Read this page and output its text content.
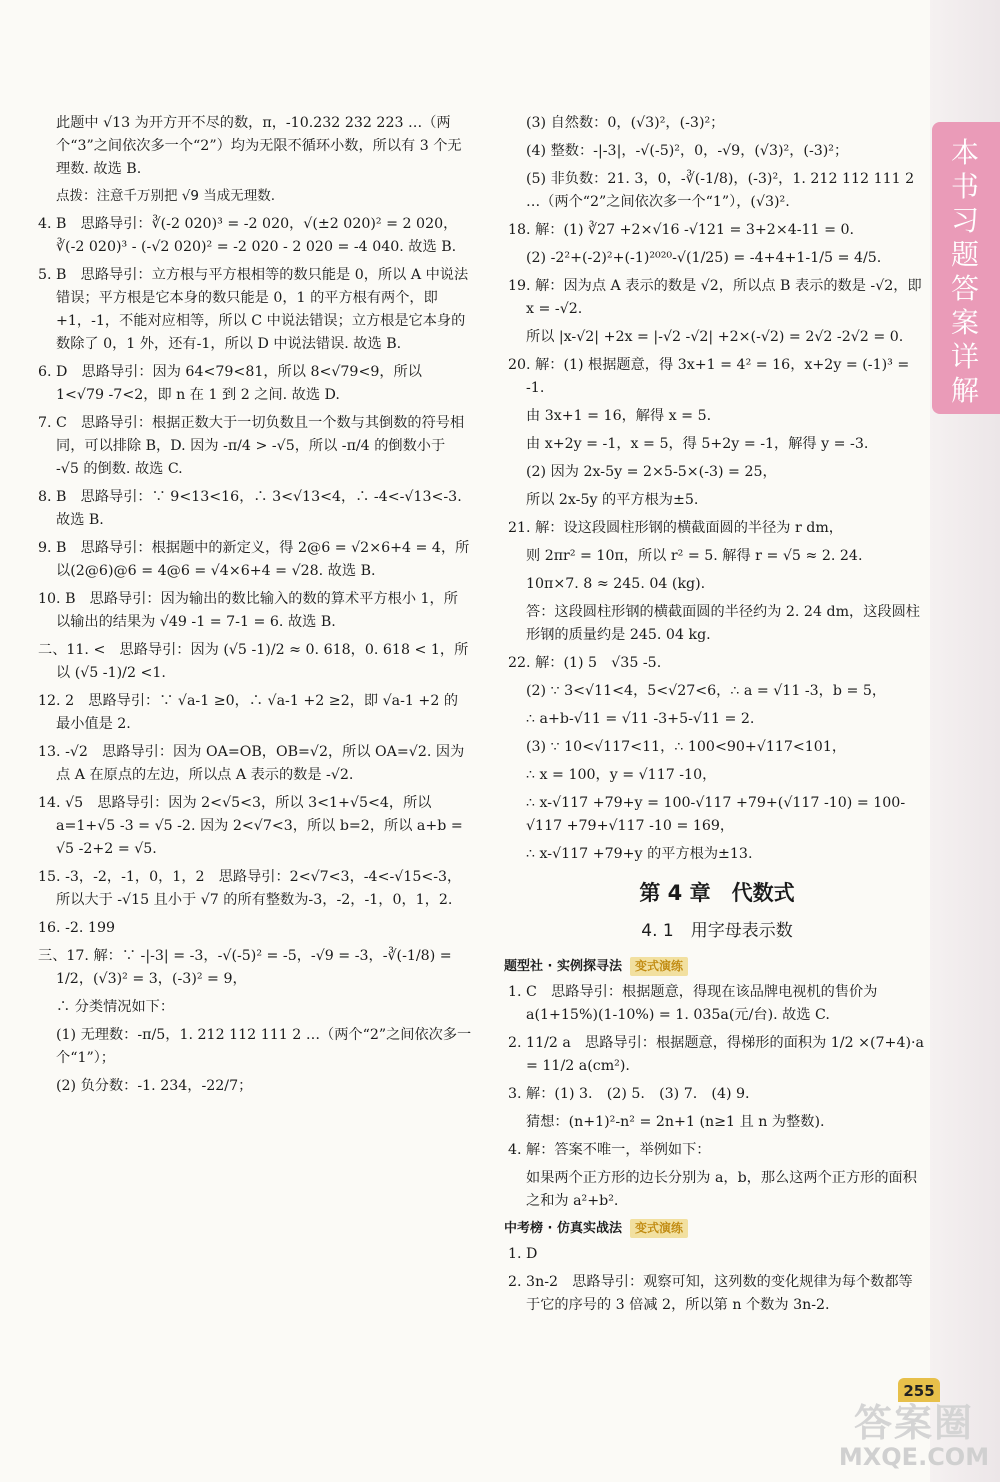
本书习题答案详解

此题中 √13 为开方开不尽的数，π，-10.232 232 223 …（两个“3”之间依次多一个“2”）均为无限不循环小数，所以有 3 个无理数. 故选 B.

点拨：注意千万别把 √9 当成无理数.

4. B　思路导引：∛(-2 020)³ = -2 020，√(±2 020)² = 2 020，∛(-2 020)³ - (-√2 020)² = -2 020 - 2 020 = -4 040. 故选 B.

5. B　思路导引：立方根与平方根相等的数只能是 0，所以 A 中说法错误；平方根是它本身的数只能是 0，1 的平方根有两个，即+1，-1，不能对应相等，所以 C 中说法错误；立方根是它本身的数除了 0，1 外，还有-1，所以 D 中说法错误. 故选 B.

6. D　思路导引：因为 64<79<81，所以 8<√79<9，所以 1<√79 -7<2，即 n 在 1 到 2 之间. 故选 D.

7. C　思路导引：根据正数大于一切负数且一个数与其倒数的符号相同，可以排除 B，D. 因为 -π/4 > -√5，所以 -π/4 的倒数小于 -√5 的倒数. 故选 C.

8. B　思路导引：∵ 9<13<16，∴ 3<√13<4，∴ -4<-√13<-3. 故选 B.

9. B　思路导引：根据题中的新定义，得 2@6 = √2×6+4 = 4，所以(2@6)@6 = 4@6 = √4×6+4 = √28. 故选 B.

10. B　思路导引：因为输出的数比输入的数的算术平方根小 1，所以输出的结果为 √49 -1 = 7-1 = 6. 故选 B.

二、11. <　思路导引：因为 (√5 -1)/2 ≈ 0. 618，0. 618 < 1，所以 (√5 -1)/2 <1.

12. 2　思路导引：∵ √a-1 ≥0，∴ √a-1 +2 ≥2，即 √a-1 +2 的最小值是 2.

13. -√2　思路导引：因为 OA=OB，OB=√2，所以 OA=√2. 因为点 A 在原点的左边，所以点 A 表示的数是 -√2.

14. √5　思路导引：因为 2<√5<3，所以 3<1+√5<4，所以 a=1+√5 -3 = √5 -2. 因为 2<√7<3，所以 b=2，所以 a+b = √5 -2+2 = √5.

15. -3，-2，-1，0，1，2　思路导引：2<√7<3，-4<-√15<-3，所以大于 -√15 且小于 √7 的所有整数为-3，-2，-1，0，1，2.

16. -2. 199

三、17. 解：∵ -|-3| = -3，-√(-5)² = -5，-√9 = -3，-∛(-1/8) = 1/2，(√3)² = 3，(-3)² = 9，

∴ 分类情况如下：

(1) 无理数：-π/5，1. 212 112 111 2 …（两个“2”之间依次多一个“1”）；

(2) 负分数：-1. 234，-22/7；

(3) 自然数：0，(√3)²，(-3)²；

(4) 整数：-|-3|，-√(-5)²，0，-√9，(√3)²，(-3)²；

(5) 非负数：21. 3，0，-∛(-1/8)，(-3)²，1. 212 112 111 2 …（两个“2”之间依次多一个“1”），(√3)².

18. 解：(1) ∛27 +2×√16 -√121 = 3+2×4-11 = 0.

(2) -2²+(-2)²+(-1)²⁰²⁰-√(1/25) = -4+4+1-1/5 = 4/5.

19. 解：因为点 A 表示的数是 √2，所以点 B 表示的数是 -√2，即 x = -√2.

所以 |x-√2| +2x = |-√2 -√2| +2×(-√2) = 2√2 -2√2 = 0.

20. 解：(1) 根据题意，得 3x+1 = 4² = 16，x+2y = (-1)³ = -1.

由 3x+1 = 16，解得 x = 5.

由 x+2y = -1，x = 5，得 5+2y = -1，解得 y = -3.

(2) 因为 2x-5y = 2×5-5×(-3) = 25，

所以 2x-5y 的平方根为±5.

21. 解：设这段圆柱形钢的横截面圆的半径为 r dm，

则 2πr² = 10π，所以 r² = 5. 解得 r = √5 ≈ 2. 24.

10π×7. 8 ≈ 245. 04 (kg).

答：这段圆柱形钢的横截面圆的半径约为 2. 24 dm，这段圆柱形钢的质量约是 245. 04 kg.

22. 解：(1) 5　√35 -5.

(2) ∵ 3<√11<4，5<√27<6，∴ a = √11 -3，b = 5，

∴ a+b-√11 = √11 -3+5-√11 = 2.

(3) ∵ 10<√117<11，∴ 100<90+√117<101，

∴ x = 100，y = √117 -10，

∴ x-√117 +79+y = 100-√117 +79+(√117 -10) = 100-√117 +79+√117 -10 = 169，

∴ x-√117 +79+y 的平方根为±13.

第 4 章　代数式
4. 1　用字母表示数
题型社 · 实例探寻法 变式演练

1. C　思路导引：根据题意，得现在该品牌电视机的售价为 a(1+15%)(1-10%) = 1. 035a(元/台). 故选 C.

2. 11/2 a　思路导引：根据题意，得梯形的面积为 1/2 ×(7+4)·a = 11/2 a(cm²).

3. 解：(1) 3.　(2) 5.　(3) 7.　(4) 9.

猜想：(n+1)²-n² = 2n+1 (n≥1 且 n 为整数).

4. 解：答案不唯一，举例如下：

如果两个正方形的边长分别为 a，b，那么这两个正方形的面积之和为 a²+b².

中考榜 · 仿真实战法 变式演练

1. D

2. 3n-2　思路导引：观察可知，这列数的变化规律为每个数都等于它的序号的 3 倍减 2，所以第 n 个数为 3n-2.

255
答案圈
MXQE.COM
